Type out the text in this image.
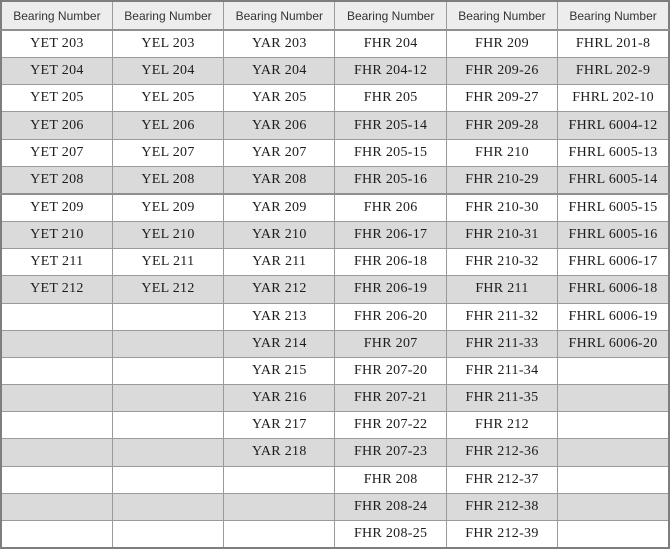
Bearing Number	Bearing Number	Bearing Number	Bearing Number	Bearing Number	Bearing Number
YET 203	YEL 203	YAR 203	FHR 204	FHR 209	FHRL 201-8
YET 204	YEL 204	YAR 204	FHR 204-12	FHR 209-26	FHRL 202-9
YET 205	YEL 205	YAR 205	FHR 205	FHR 209-27	FHRL 202-10
YET 206	YEL 206	YAR 206	FHR 205-14	FHR 209-28	FHRL 6004-12
YET 207	YEL 207	YAR 207	FHR 205-15	FHR 210	FHRL 6005-13
YET 208	YEL 208	YAR 208	FHR 205-16	FHR 210-29	FHRL 6005-14
YET 209	YEL 209	YAR 209	FHR 206	FHR 210-30	FHRL 6005-15
YET 210	YEL 210	YAR 210	FHR 206-17	FHR 210-31	FHRL 6005-16
YET 211	YEL 211	YAR 211	FHR 206-18	FHR 210-32	FHRL 6006-17
YET 212	YEL 212	YAR 212	FHR 206-19	FHR 211	FHRL 6006-18
		YAR 213	FHR 206-20	FHR 211-32	FHRL 6006-19
		YAR 214	FHR 207	FHR 211-33	FHRL 6006-20
		YAR 215	FHR 207-20	FHR 211-34	
		YAR 216	FHR 207-21	FHR 211-35	
		YAR 217	FHR 207-22	FHR 212	
		YAR 218	FHR 207-23	FHR 212-36	
			FHR 208	FHR 212-37	
			FHR 208-24	FHR 212-38	
			FHR 208-25	FHR 212-39	
